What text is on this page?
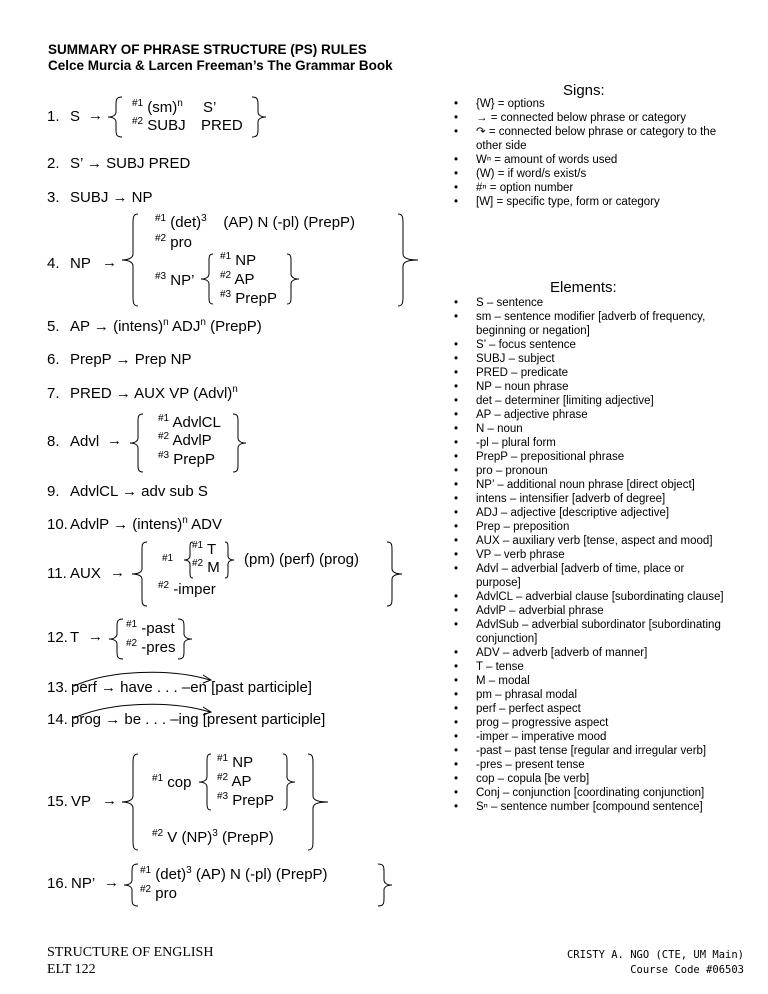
SUMMARY OF PHRASE STRUCTURE (PS) RULES
Celce Murcia & Larcen Freeman’s The Grammar Book
1. S →
$^{\#1}$ (sm)$^n$ S’
$^{\#2}$ SUBJ PRED
2. S’ → SUBJ PRED
3. SUBJ → NP
4. NP →
$^{\#1}$ $(\det)^3$ (AP) N (-pl) (PrepP)
$^{\#2}$ pro
$^{\#3}$ NP’
$^{\#1}$ NP
$^{\#2}$ AP
$^{\#3}$ PrepP
5. AP → (intens)$^n$ ADJ$^n$ (PrepP)
6. PrepP → Prep NP
7. PRED → AUX VP (Advl)$^n$
8. Advl →
$^{\#1}$ AdvlCL
$^{\#2}$ AdvlP
$^{\#3}$ PrepP
9. AdvlCL → adv sub S
10. AdvlP → (intens)$^n$ ADV
11. AUX →
#1
$^{\#1}$ T
$^{\#2}$ M (pm) (perf) (prog)
$^{\#2}$ -imper
12. T →
$^{\#1}$ -past
$^{\#2}$ -pres
13. perf → have . . . –en [past participle]
14. prog → be . . . –ing [present participle]
15. VP →
$^{\#1}$ cop
$^{\#1}$ NP
$^{\#2}$ AP
$^{\#3}$ PrepP
$^{\#2}$ V (NP)$^3$ (PrepP)
16. NP’ →
$^{\#1}$ $(\det)^3$ (AP) N (-pl) (PrepP)
$^{\#2}$ pro
Signs:
• {W} = options
• → = connected below phrase or category
• ↷ = connected below phrase or category to the other side
• Wⁿ = amount of words used
• (W) = if word/s exist/s
• #ⁿ = option number
• [W] = specific type, form or category
Elements:
• S – sentence
• sm – sentence modifier [adverb of frequency, beginning or negation]
• S’ – focus sentence
• SUBJ – subject
• PRED – predicate
• NP – noun phrase
• det – determiner [limiting adjective]
• AP – adjective phrase
• N – noun
• -pl – plural form
• PrepP – prepositional phrase
• pro – pronoun
• NP’ – additional noun phrase [direct object]
• intens – intensifier [adverb of degree]
• ADJ – adjective [descriptive adjective]
• Prep – preposition
• AUX – auxiliary verb [tense, aspect and mood]
• VP – verb phrase
• Advl – adverbial [adverb of time, place or purpose]
• AdvlCL – adverbial clause [subordinating clause]
• AdvlP – adverbial phrase
• AdvlSub – adverbial subordinator [subordinating conjunction]
• ADV – adverb [adverb of manner]
• T – tense
• M – modal
• pm – phrasal modal
• perf – perfect aspect
• prog – progressive aspect
• -imper – imperative mood
• -past – past tense [regular and irregular verb]
• -pres – present tense
• cop – copula [be verb]
• Conj – conjunction [coordinating conjunction]
• Sⁿ – sentence number [compound sentence]
STRUCTURE OF ENGLISH
ELT 122
CRISTY A. NGO (CTE, UM Main)
Course Code #06503
